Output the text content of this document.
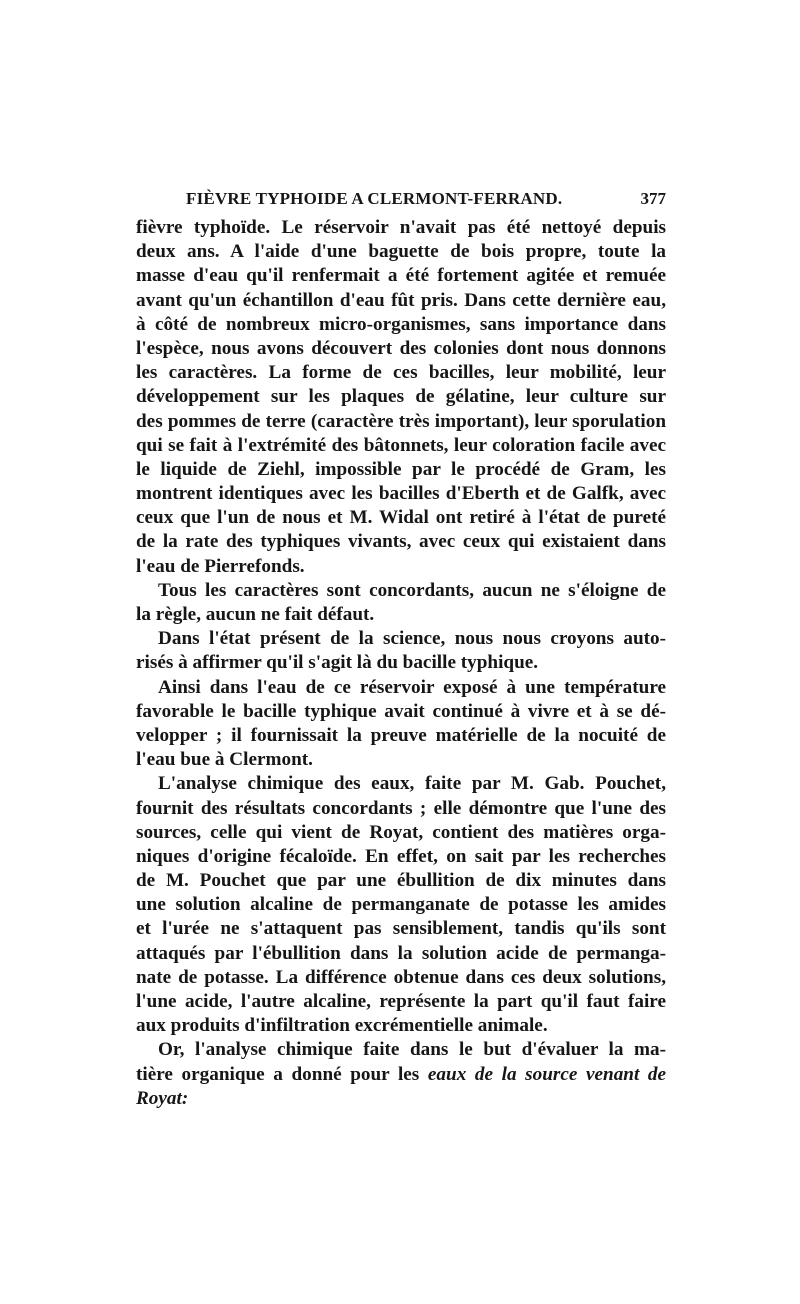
FIÈVRE TYPHOIDE A CLERMONT-FERRAND.	377
fièvre typhoïde. Le réservoir n'avait pas été nettoyé depuis
deux ans. A l'aide d'une baguette de bois propre, toute la
masse d'eau qu'il renfermait a été fortement agitée et remuée
avant qu'un échantillon d'eau fût pris. Dans cette dernière eau,
à côté de nombreux micro-organismes, sans importance dans
l'espèce, nous avons découvert des colonies dont nous donnons
les caractères. La forme de ces bacilles, leur mobilité, leur
développement sur les plaques de gélatine, leur culture sur
des pommes de terre (caractère très important), leur sporulation
qui se fait à l'extrémité des bâtonnets, leur coloration facile avec
le liquide de Ziehl, impossible par le procédé de Gram, les
montrent identiques avec les bacilles d'Eberth et de Galfk, avec
ceux que l'un de nous et M. Widal ont retiré à l'état de pureté
de la rate des typhiques vivants, avec ceux qui existaient dans
l'eau de Pierrefonds.
Tous les caractères sont concordants, aucun ne s'éloigne de
la règle, aucun ne fait défaut.
Dans l'état présent de la science, nous nous croyons auto-
risés à affirmer qu'il s'agit là du bacille typhique.
Ainsi dans l'eau de ce réservoir exposé à une température
favorable le bacille typhique avait continué à vivre et à se dé-
velopper ; il fournissait la preuve matérielle de la nocuité de
l'eau bue à Clermont.
L'analyse chimique des eaux, faite par M. Gab. Pouchet,
fournit des résultats concordants ; elle démontre que l'une des
sources, celle qui vient de Royat, contient des matières orga-
niques d'origine fécaloïde. En effet, on sait par les recherches
de M. Pouchet que par une ébullition de dix minutes dans
une solution alcaline de permanganate de potasse les amides
et l'urée ne s'attaquent pas sensiblement, tandis qu'ils sont
attaqués par l'ébullition dans la solution acide de permanga-
nate de potasse. La différence obtenue dans ces deux solutions,
l'une acide, l'autre alcaline, représente la part qu'il faut faire
aux produits d'infiltration excrémentielle animale.
Or, l'analyse chimique faite dans le but d'évaluer la ma-
tière organique a donné pour les eaux de la source venant de
Royat:
